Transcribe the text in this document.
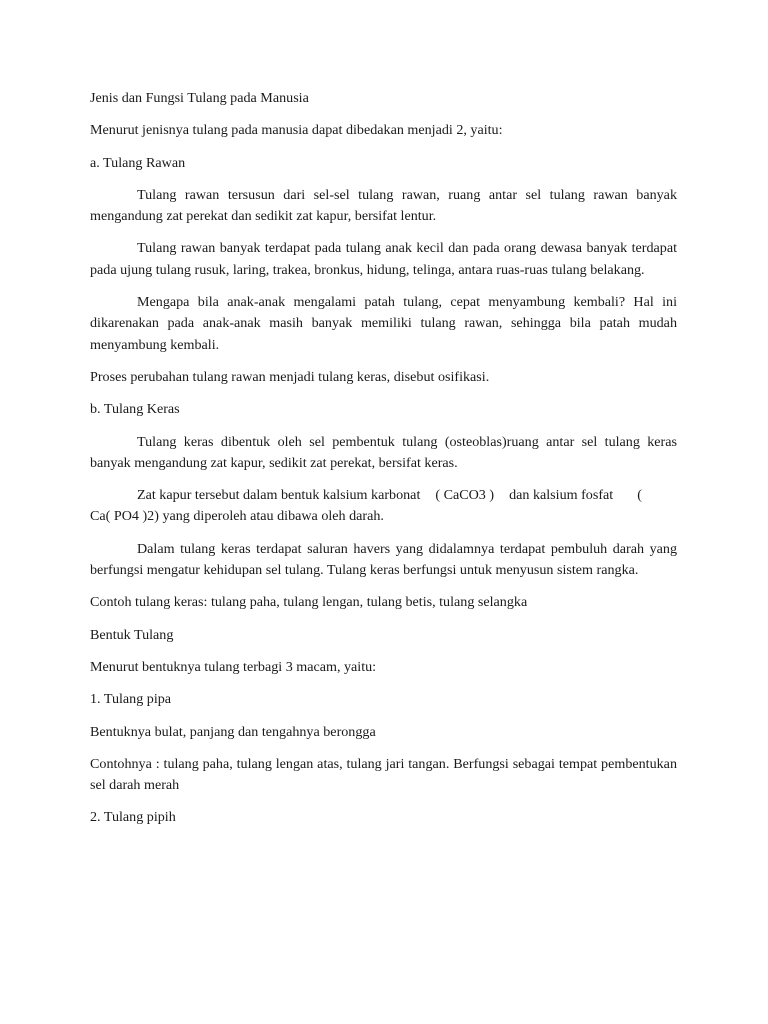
Jenis dan Fungsi Tulang pada Manusia

Menurut jenisnya tulang pada manusia dapat dibedakan menjadi 2, yaitu:

a. Tulang Rawan

Tulang rawan tersusun dari sel-sel tulang rawan, ruang antar sel tulang rawan banyak mengandung zat perekat dan sedikit zat kapur, bersifat lentur.

Tulang rawan banyak terdapat pada tulang anak kecil dan pada orang dewasa banyak terdapat pada ujung tulang rusuk, laring, trakea, bronkus, hidung, telinga, antara ruas-ruas tulang belakang.

Mengapa bila anak-anak mengalami patah tulang, cepat menyambung kembali? Hal ini dikarenakan pada anak-anak masih banyak memiliki tulang rawan, sehingga bila patah mudah menyambung kembali.

Proses perubahan tulang rawan menjadi tulang keras, disebut osifikasi.

b. Tulang Keras

Tulang keras dibentuk oleh sel pembentuk tulang (osteoblas)ruang antar sel tulang keras banyak mengandung zat kapur, sedikit zat perekat, bersifat keras.

Zat kapur tersebut dalam bentuk kalsium karbonat ( CaCO3 ) dan kalsium fosfat (
Ca( PO4 )2) yang diperoleh atau dibawa oleh darah.

Dalam tulang keras terdapat saluran havers yang didalamnya terdapat pembuluh darah yang berfungsi mengatur kehidupan sel tulang. Tulang keras berfungsi untuk menyusun sistem rangka.

Contoh tulang keras: tulang paha, tulang lengan, tulang betis, tulang selangka

Bentuk Tulang

Menurut bentuknya tulang terbagi 3 macam, yaitu:

1. Tulang pipa

Bentuknya bulat, panjang dan tengahnya berongga

Contohnya : tulang paha, tulang lengan atas, tulang jari tangan. Berfungsi sebagai tempat pembentukan sel darah merah

2. Tulang pipih
